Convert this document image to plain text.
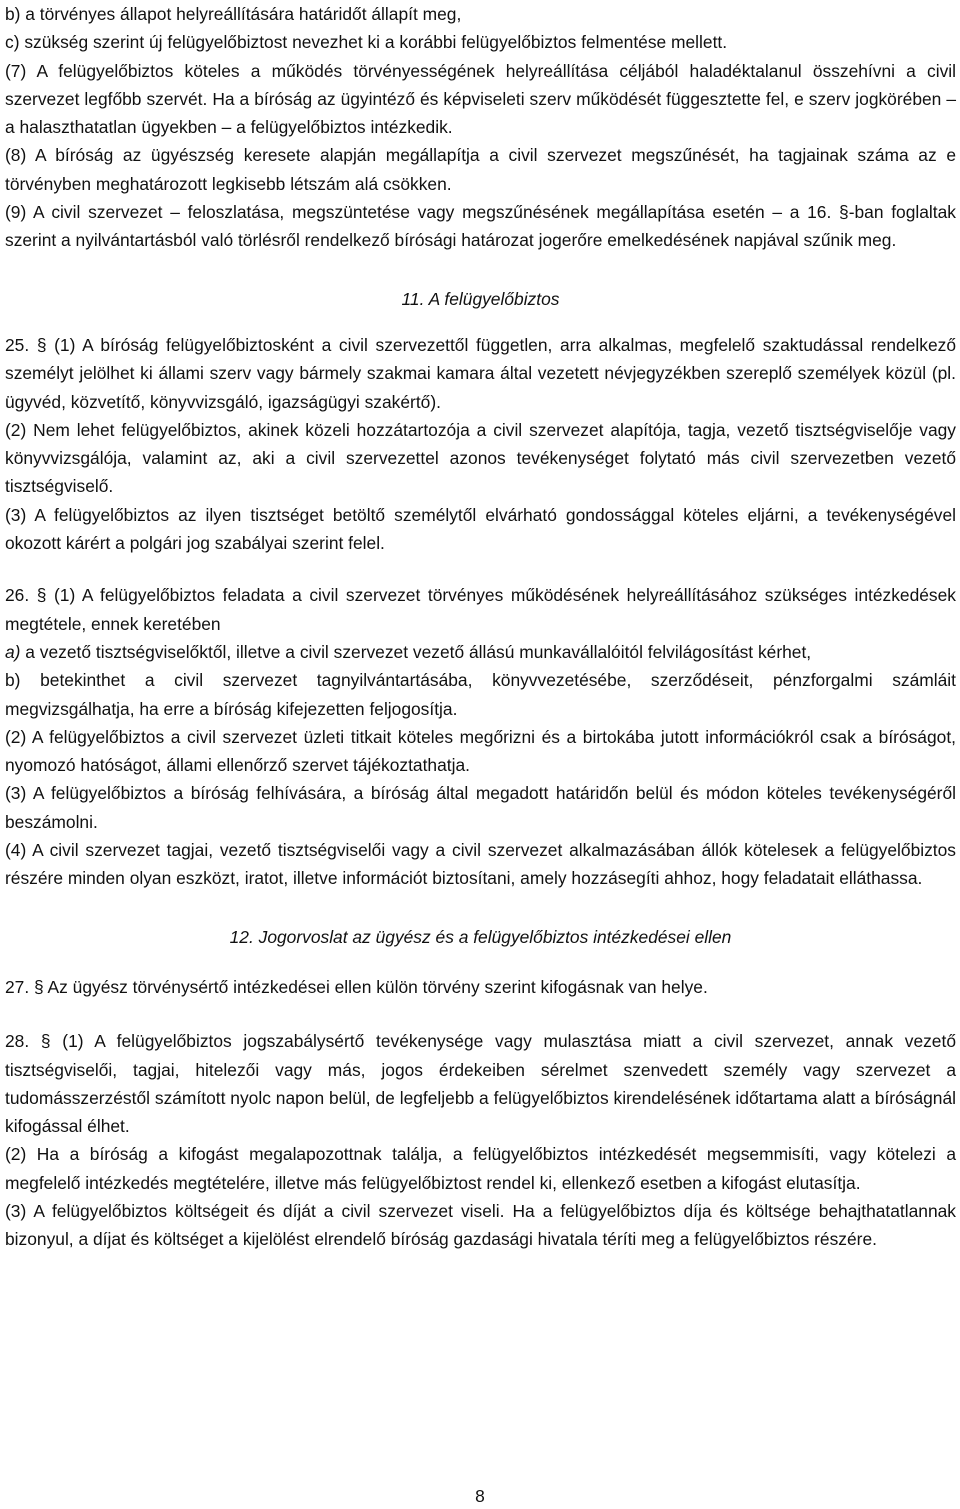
b) a törvényes állapot helyreállítására határidőt állapít meg,

c) szükség szerint új felügyelőbiztost nevezhet ki a korábbi felügyelőbiztos felmentése mellett.

(7) A felügyelőbiztos köteles a működés törvényességének helyreállítása céljából haladéktalanul összehívni a civil szervezet legfőbb szervét. Ha a bíróság az ügyintéző és képviseleti szerv működését függesztette fel, e szerv jogkörében – a halaszthatatlan ügyekben – a felügyelőbiztos intézkedik.

(8) A bíróság az ügyészség keresete alapján megállapítja a civil szervezet megszűnését, ha tagjainak száma az e törvényben meghatározott legkisebb létszám alá csökken.

(9) A civil szervezet – feloszlatása, megszüntetése vagy megszűnésének megállapítása esetén – a 16. §-ban foglaltak szerint a nyilvántartásból való törlésről rendelkező bírósági határozat jogerőre emelkedésének napjával szűnik meg.

11. A felügyelőbiztos

25. § (1) A bíróság felügyelőbiztosként a civil szervezettől független, arra alkalmas, megfelelő szaktudással rendelkező személyt jelölhet ki állami szerv vagy bármely szakmai kamara által vezetett névjegyzékben szereplő személyek közül (pl. ügyvéd, közvetítő, könyvvizsgáló, igazságügyi szakértő).

(2) Nem lehet felügyelőbiztos, akinek közeli hozzátartozója a civil szervezet alapítója, tagja, vezető tisztségviselője vagy könyvvizsgálója, valamint az, aki a civil szervezettel azonos tevékenységet folytató más civil szervezetben vezető tisztségviselő.

(3) A felügyelőbiztos az ilyen tisztséget betöltő személytől elvárható gondossággal köteles eljárni, a tevékenységével okozott kárért a polgári jog szabályai szerint felel.

26. § (1) A felügyelőbiztos feladata a civil szervezet törvényes működésének helyreállításához szükséges intézkedések megtétele, ennek keretében

a) a vezető tisztségviselőktől, illetve a civil szervezet vezető állású munkavállalóitól felvilágosítást kérhet,

b) betekinthet a civil szervezet tagnyilvántartásába, könyvvezetésébe, szerződéseit, pénzforgalmi számláit megvizsgálhatja, ha erre a bíróság kifejezetten feljogosítja.

(2) A felügyelőbiztos a civil szervezet üzleti titkait köteles megőrizni és a birtokába jutott információkról csak a bíróságot, nyomozó hatóságot, állami ellenőrző szervet tájékoztathatja.

(3) A felügyelőbiztos a bíróság felhívására, a bíróság által megadott határidőn belül és módon köteles tevékenységéről beszámolni.

(4) A civil szervezet tagjai, vezető tisztségviselői vagy a civil szervezet alkalmazásában állók kötelesek a felügyelőbiztos részére minden olyan eszközt, iratot, illetve információt biztosítani, amely hozzásegíti ahhoz, hogy feladatait elláthassa.

12. Jogorvoslat az ügyész és a felügyelőbiztos intézkedései ellen

27. § Az ügyész törvénysértő intézkedései ellen külön törvény szerint kifogásnak van helye.

28. § (1) A felügyelőbiztos jogszabálysértő tevékenysége vagy mulasztása miatt a civil szervezet, annak vezető tisztségviselői, tagjai, hitelezői vagy más, jogos érdekeiben sérelmet szenvedett személy vagy szervezet a tudomásszerzéstől számított nyolc napon belül, de legfeljebb a felügyelőbiztos kirendelésének időtartama alatt a bíróságnál kifogással élhet.

(2) Ha a bíróság a kifogást megalapozottnak találja, a felügyelőbiztos intézkedését megsemmisíti, vagy kötelezi a megfelelő intézkedés megtételére, illetve más felügyelőbiztost rendel ki, ellenkező esetben a kifogást elutasítja.

(3) A felügyelőbiztos költségeit és díját a civil szervezet viseli. Ha a felügyelőbiztos díja és költsége behajthatatlannak bizonyul, a díjat és költséget a kijelölést elrendelő bíróság gazdasági hivatala téríti meg a felügyelőbiztos részére.

8
